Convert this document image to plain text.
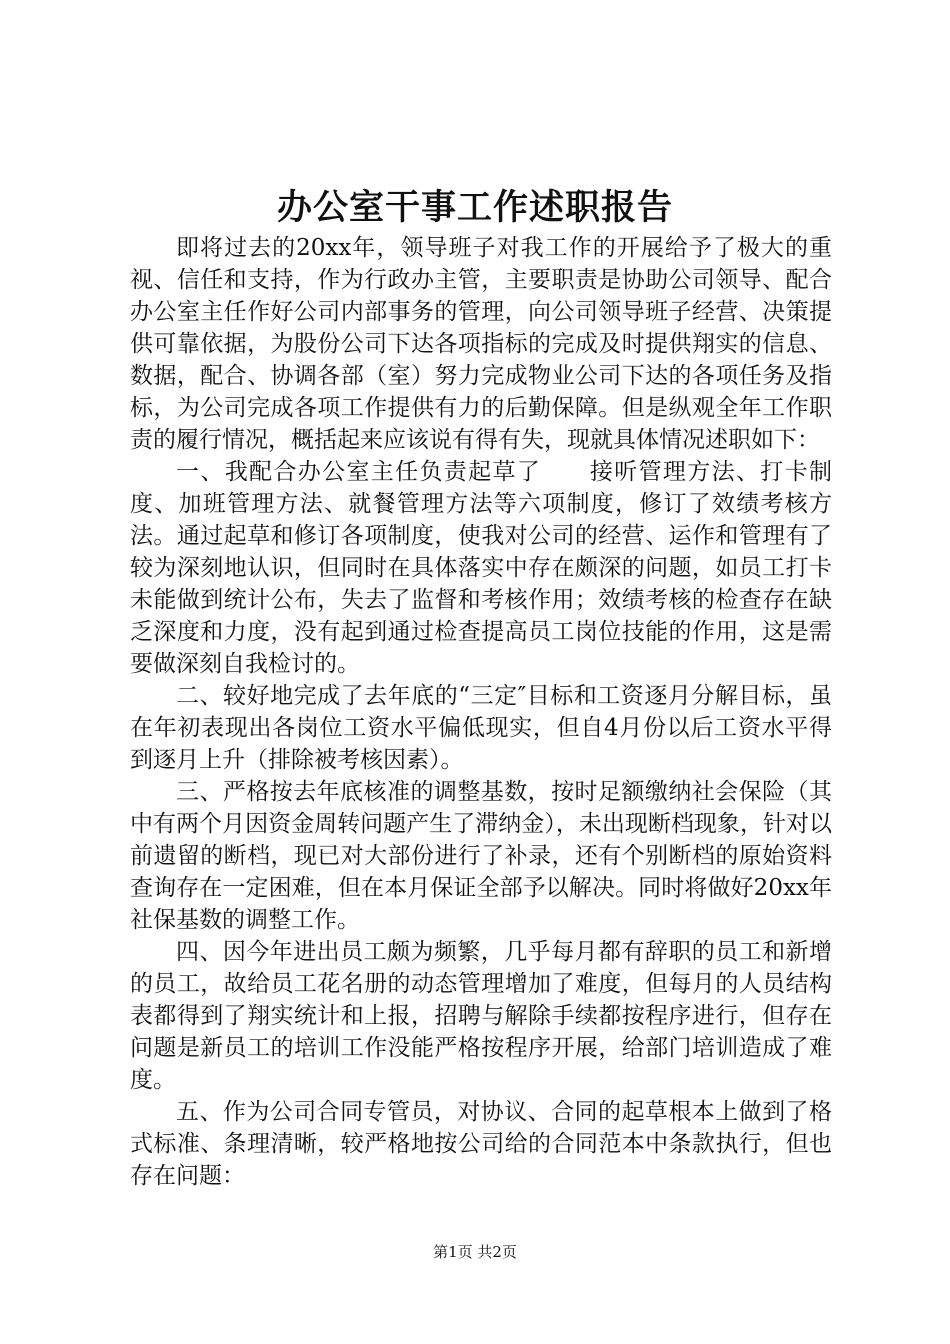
办公室干事工作述职报告

即将过去的20xx年，领导班子对我工作的开展给予了极大的重视、信任和支持，作为行政办主管，主要职责是协助公司领导、配合办公室主任作好公司内部事务的管理，向公司领导班子经营、决策提供可靠依据，为股份公司下达各项指标的完成及时提供翔实的信息、数据，配合、协调各部（室）努力完成物业公司下达的各项任务及指标，为公司完成各项工作提供有力的后勤保障。但是纵观全年工作职责的履行情况，概括起来应该说有得有失，现就具体情况述职如下：

一、我配合办公室主任负责起草了　　接听管理方法、打卡制度、加班管理方法、就餐管理方法等六项制度，修订了效绩考核方法。通过起草和修订各项制度，使我对公司的经营、运作和管理有了较为深刻地认识，但同时在具体落实中存在颇深的问题，如员工打卡未能做到统计公布，失去了监督和考核作用；效绩考核的检查存在缺乏深度和力度，没有起到通过检查提高员工岗位技能的作用，这是需要做深刻自我检讨的。

二、较好地完成了去年底的“三定″目标和工资逐月分解目标，虽在年初表现出各岗位工资水平偏低现实，但自4月份以后工资水平得到逐月上升（排除被考核因素）。

三、严格按去年底核准的调整基数，按时足额缴纳社会保险（其中有两个月因资金周转问题产生了滞纳金），未出现断档现象，针对以前遗留的断档，现已对大部份进行了补录，还有个别断档的原始资料查询存在一定困难，但在本月保证全部予以解决。同时将做好20xx年社保基数的调整工作。

四、因今年进出员工颇为频繁，几乎每月都有辞职的员工和新增的员工，故给员工花名册的动态管理增加了难度，但每月的人员结构表都得到了翔实统计和上报，招聘与解除手续都按程序进行，但存在问题是新员工的培训工作没能严格按程序开展，给部门培训造成了难度。

五、作为公司合同专管员，对协议、合同的起草根本上做到了格式标准、条理清晰，较严格地按公司给的合同范本中条款执行，但也存在问题：

第1页 共2页
